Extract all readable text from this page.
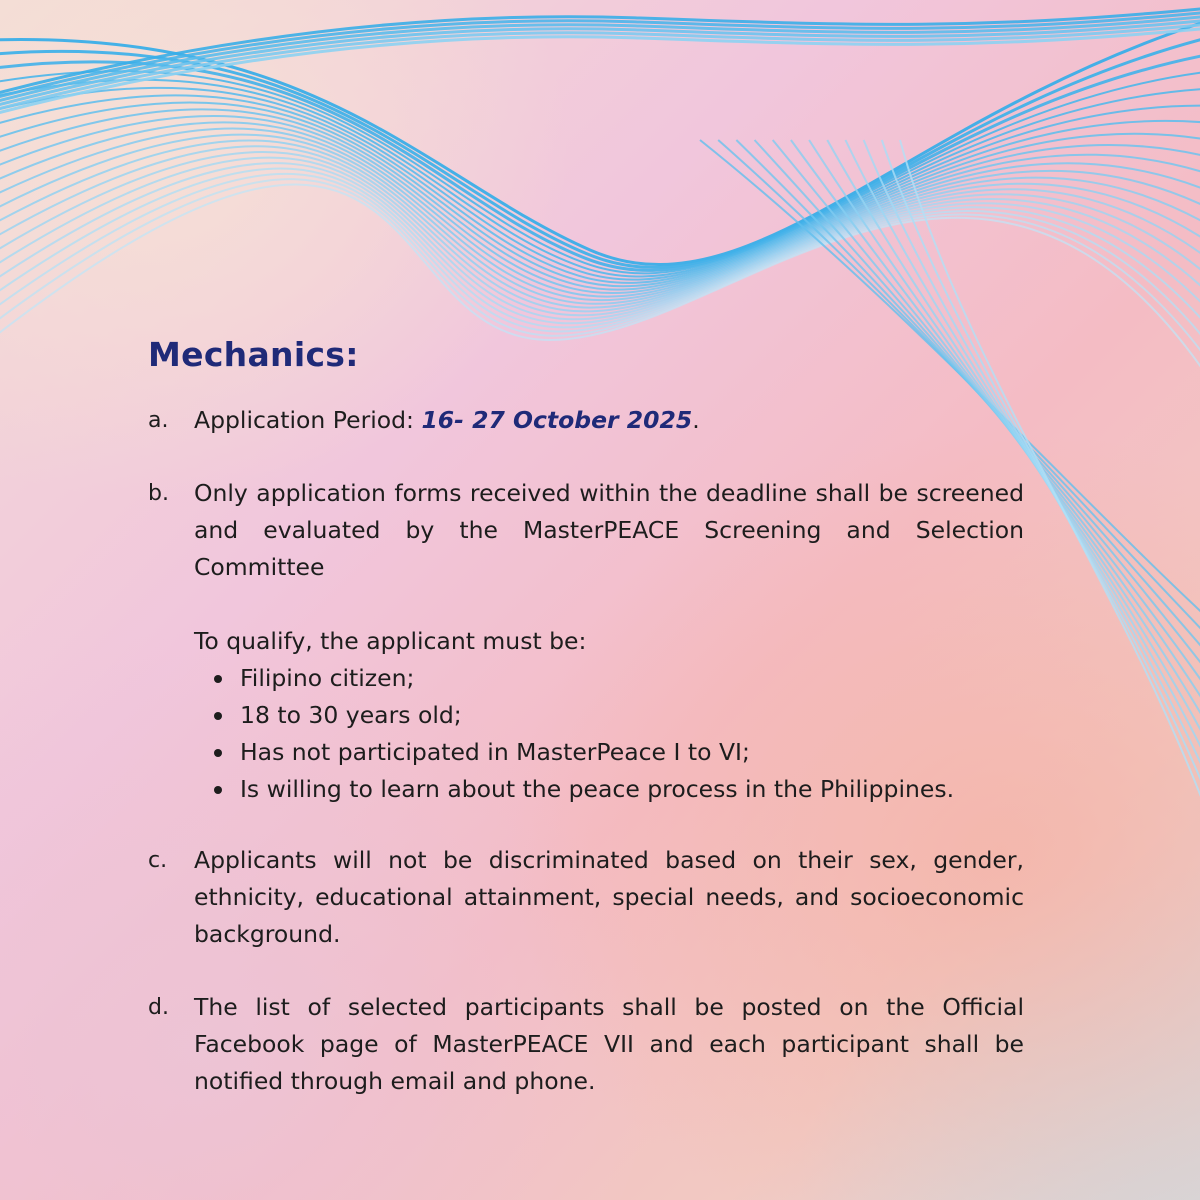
Mechanics:
a.	Application Period: 16- 27 October 2025.
b.	Only application forms received within the deadline shall be screened and evaluated by the MasterPEACE Screening and Selection Committee
To qualify, the applicant must be:
Filipino citizen;
18 to 30 years old;
Has not participated in MasterPeace I to VI;
Is willing to learn about the peace process in the Philippines.
c.	Applicants will not be discriminated based on their sex, gender, ethnicity, educational attainment, special needs, and socioeconomic background.
d.	The list of selected participants shall be posted on the Official Facebook page of MasterPEACE VII and each participant shall be notified through email and phone.
